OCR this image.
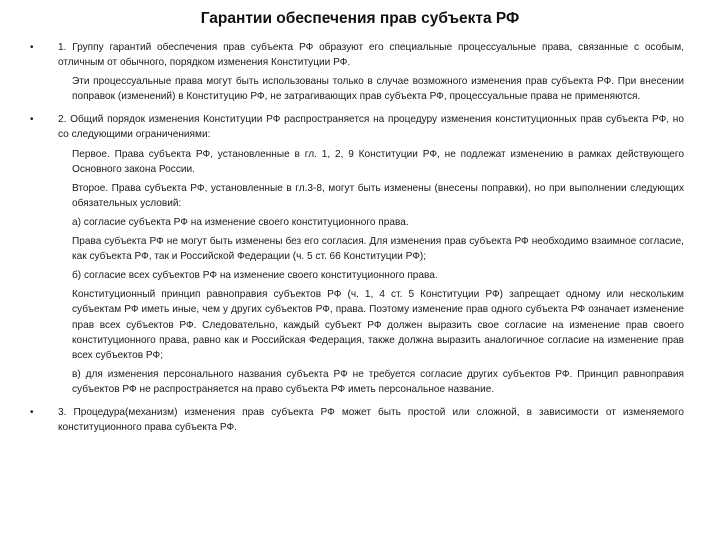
Гарантии обеспечения прав субъекта РФ
• 1. Группу гарантий обеспечения прав субъекта РФ образуют его специальные процессуальные права, связанные с особым, отличным от обычного, порядком изменения Конституции РФ.

Эти процессуальные права могут быть использованы только в случае возможного изменения прав субъекта РФ. При внесении поправок (изменений) в Конституцию РФ, не затрагивающих прав субъекта РФ, процессуальные права не применяются.

• 2. Общий порядок изменения Конституции РФ распространяется на процедуру изменения конституционных прав субъекта РФ, но со следующими ограничениями:

Первое. Права субъекта РФ, установленные в гл. 1, 2, 9 Конституции РФ, не подлежат изменению в рамках действующего Основного закона России.

Второе. Права субъекта РФ, установленные в гл.3-8, могут быть изменены (внесены поправки), но при выполнении следующих обязательных условий:

а) согласие субъекта РФ на изменение своего конституционного права.

Права субъекта РФ не могут быть изменены без его согласия. Для изменения прав субъекта РФ необходимо взаимное согласие, как субъекта РФ, так и Российской Федерации (ч. 5 ст. 66 Конституции РФ);

б) согласие всех субъектов РФ на изменение своего конституционного права.

Конституционный принцип равноправия субъектов РФ (ч. 1, 4 ст. 5 Конституции РФ) запрещает одному или нескольким субъектам РФ иметь иные, чем у других субъектов РФ, права. Поэтому изменение прав одного субъекта РФ означает изменение прав всех субъектов РФ. Следовательно, каждый субъект РФ должен выразить свое согласие на изменение прав своего конституционного права, равно как и Российская Федерация, также должна выразить аналогичное согласие на изменение прав всех субъектов РФ;

в) для изменения персонального названия субъекта РФ не требуется согласие других субъектов РФ. Принцип равноправия субъектов РФ не распространяется на право субъекта РФ иметь персональное название.

• 3. Процедура(механизм) изменения прав субъекта РФ может быть простой или сложной, в зависимости от изменяемого конституционного права субъекта РФ.
